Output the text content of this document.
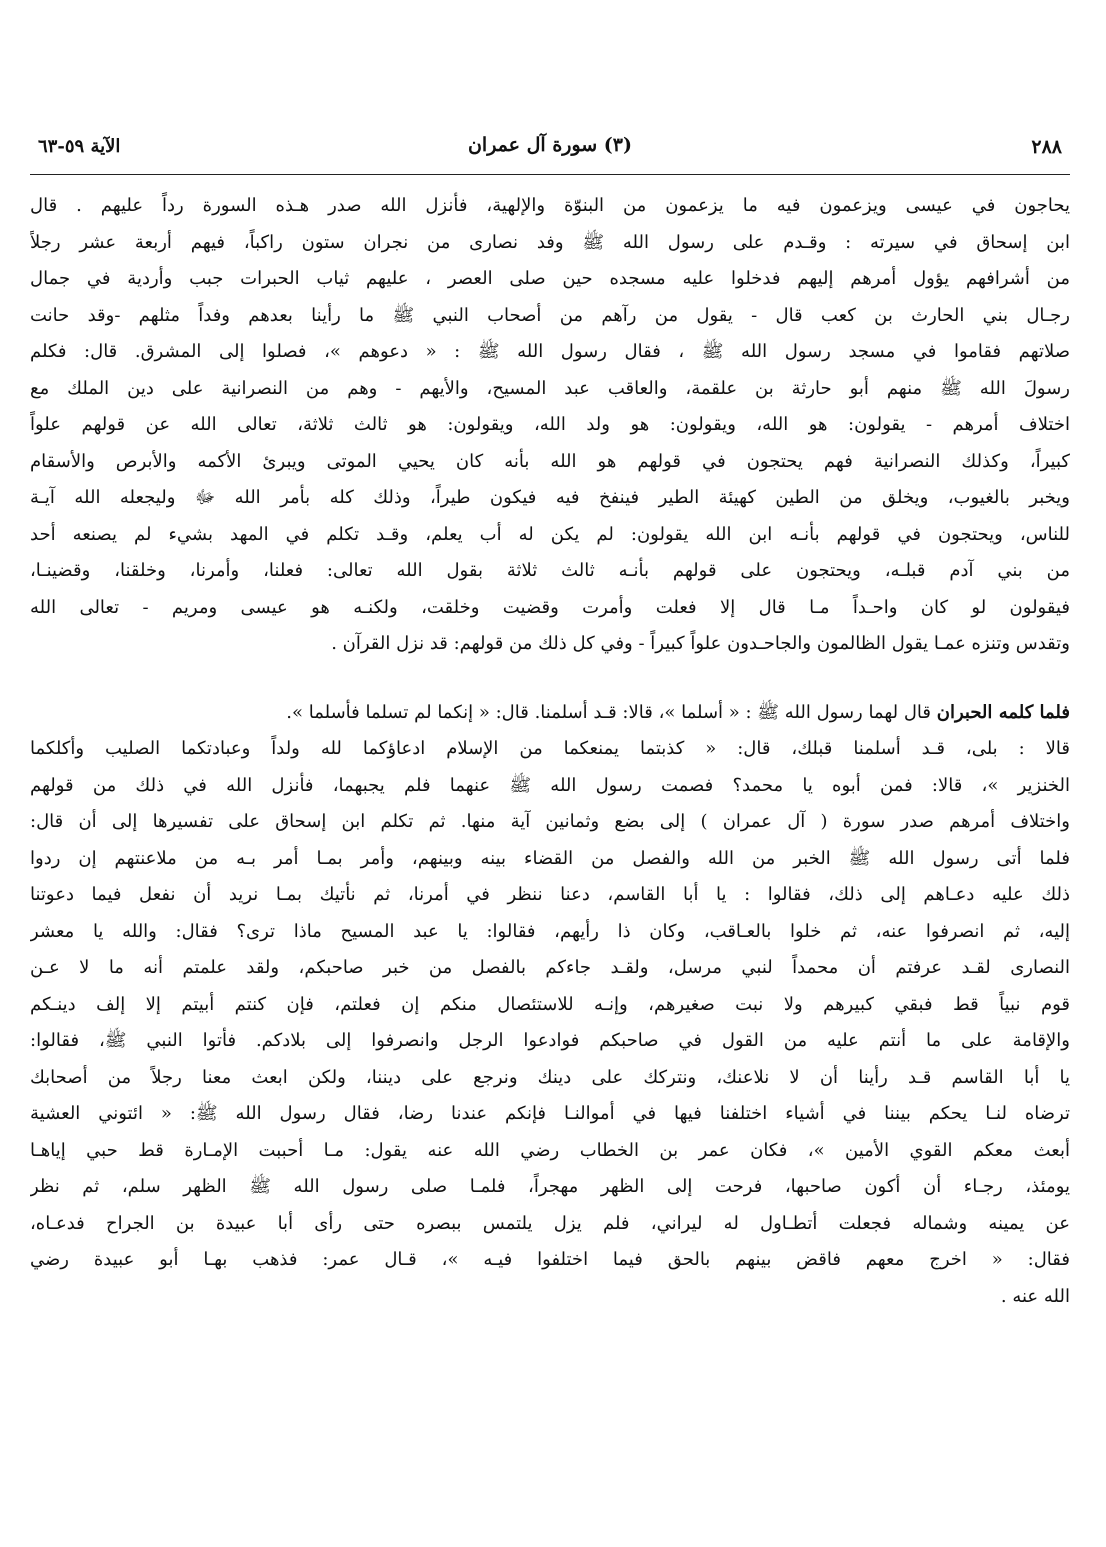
٢٨٨
(٣) سورة آل عمران
الآية ٥٩-٦٣
يحاجون في عيسى ويزعمون فيه ما يزعمون من البنوّة والإلهية، فأنزل الله صدر هـذه السورة رداً عليهم . قال
ابن إسحاق في سيرته : وقـدم على رسول الله ﷺ وفد نصارى من نجران ستون راكباً، فيهم أربعة عشر رجلاً
من أشرافهم يؤول أمرهم إليهم فدخلوا عليه مسجده حين صلى العصر ، عليهم ثياب الحبرات جبب وأردية في جمال
رجـال بني الحارث بن كعب قال - يقول من رآهم من أصحاب النبي ﷺ ما رأينا بعدهم وفداً مثلهم -وقد حانت
صلاتهم فقاموا في مسجد رسول الله ﷺ ، فقال رسول الله ﷺ : « دعوهم »، فصلوا إلى المشرق. قال: فكلم
رسولَ الله ﷺ منهم أبو حارثة بن علقمة، والعاقب عبد المسيح، والأيهم - وهم من النصرانية على دين الملك مع
اختلاف أمرهم - يقولون: هو الله، ويقولون: هو ولد الله، ويقولون: هو ثالث ثلاثة، تعالى الله عن قولهم علواً
كبيراً، وكذلك النصرانية فهم يحتجون في قولهم هو الله بأنه كان يحيي الموتى ويبرئ الأكمه والأبرص والأسقام
ويخبر بالغيوب، ويخلق من الطين كهيئة الطير فينفخ فيه فيكون طيراً، وذلك كله بأمر الله ﷻ وليجعله الله آيـة
للناس، ويحتجون في قولهم بأنـه ابن الله يقولون: لم يكن له أب يعلم، وقـد تكلم في المهد بشيء لم يصنعه أحد
من بني آدم قبلـه، ويحتجون على قولهم بأنـه ثالث ثلاثة بقول الله تعالى: فعلنا، وأمرنا، وخلقنا، وقضينـا،
فيقولون لو كان واحـداً مـا قال إلا فعلت وأمرت وقضيت وخلقت، ولكنـه هو عيسى ومريم - تعالى الله
وتقدس وتنزه عمـا يقول الظالمون والجاحـدون علواً كبيراً - وفي كل ذلك من قولهم: قد نزل القرآن .
فلما كلمه الحبران قال لهما رسول الله ﷺ : « أسلما »، قالا: قـد أسلمنا. قال: « إنكما لم تسلما فأسلما ».
قالا : بلى، قـد أسلمنا قبلك، قال: « كذبتما يمنعكما من الإسلام ادعاؤكما لله ولداً وعبادتكما الصليب وأكلكما
الخنزير »، قالا: فمن أبوه يا محمد؟ فصمت رسول الله ﷺ عنهما فلم يجبهما، فأنزل الله في ذلك من قولهم
واختلاف أمرهم صدر سورة ( آل عمران ) إلى بضع وثمانين آية منها. ثم تكلم ابن إسحاق على تفسيرها إلى أن قال:
فلما أتى رسول الله ﷺ الخبر من الله والفصل من القضاء بينه وبينهم، وأمر بمـا أمر بـه من ملاعنتهم إن ردوا
ذلك عليه دعـاهم إلى ذلك، فقالوا : يا أبا القاسم، دعنا ننظر في أمرنا، ثم نأتيك بمـا نريد أن نفعل فيما دعوتنا
إليه، ثم انصرفوا عنه، ثم خلوا بالعـاقب، وكان ذا رأيهم، فقالوا: يا عبد المسيح ماذا ترى؟ فقال: والله يا معشر
النصارى لقـد عرفتم أن محمداً لنبي مرسل، ولقـد جاءكم بالفصل من خبر صاحبكم، ولقد علمتم أنه ما لا عـن
قوم نبياً قط فبقي كبيرهم ولا نبت صغيرهم، وإنـه للاستئصال منكم إن فعلتم، فإن كنتم أبيتم إلا إلف دينـكم
والإقامة على ما أنتم عليه من القول في صاحبكم فوادعوا الرجل وانصرفوا إلى بلادكم. فأتوا النبي ﷺ، فقالوا:
يا أبا القاسم قـد رأينا أن لا نلاعنك، ونتركك على دينك ونرجع على ديننا، ولكن ابعث معنا رجلاً من أصحابك
ترضاه لنـا يحكم بيننا في أشياء اختلفنا فيها في أموالنـا فإنكم عندنا رضا، فقال رسول الله ﷺ: « ائتوني العشية
أبعث معكم القوي الأمين »، فكان عمر بن الخطاب رضي الله عنه يقول: مـا أحببت الإمـارة قط حبي إياهـا
يومئذ، رجـاء أن أكون صاحبها، فرحت إلى الظهر مهجراً، فلمـا صلى رسول الله ﷺ الظهر سلم، ثم نظر
عن يمينه وشماله فجعلت أتطـاول له ليراني، فلم يزل يلتمس ببصره حتى رأى أبا عبيدة بن الجراح فدعـاه،
فقال: « اخرج معهم فاقض بينهم بالحق فيما اختلفوا فيـه »، قـال عمر: فذهب بهـا أبو عبيدة رضي
الله عنه .
